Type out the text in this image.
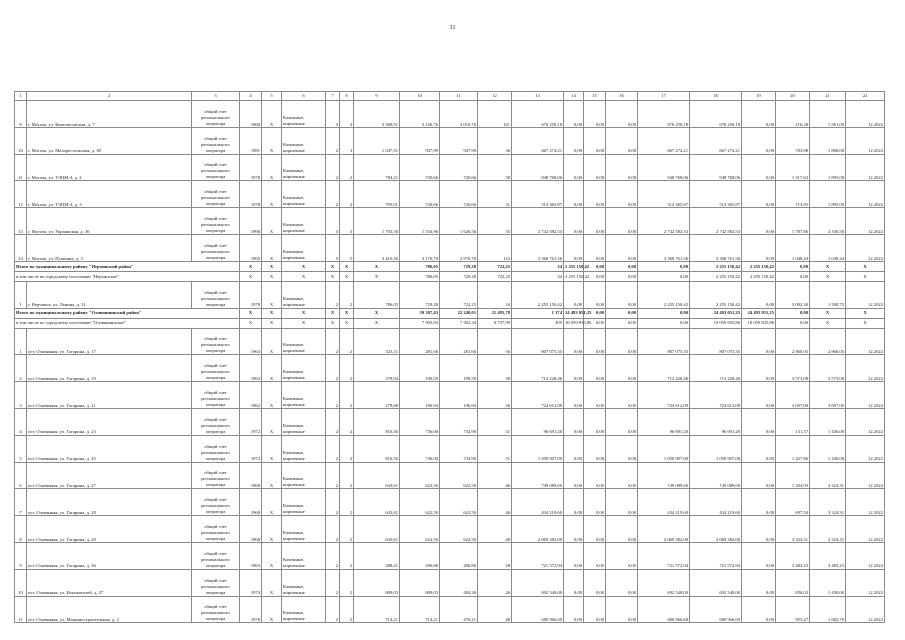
31
1	2	3	4	5	6	7	8	9	10	11	12	13	14	15	16	17	18	19	20	21	22
9	г. Могоча, ул. Комсомольская, д. 7	общий счет регионального оператора	1968	Х	Каменные, кирпичные	3	4	3 308,91	3 126,76	3 016,76	141	676 250,18	0,00	0,00	0,00	676 250,18	676 250,18	0,00	216,28	1 561,00	12.2022
10	г. Могоча, ул. Малорестальская, д. 38	общий счет регионального оператора	1981	Х	Каменные, кирпичные	2	3	1 047,91	947,99	947,99	36	667 274,21	0,00	0,00	0,00	667 274,21	667 274,21	0,00	703,88	1 868,00	12.2022
11	г. Могоча, ул. ТЭЦМ-4, д. 2	общий счет регионального оператора	1978	Х	Каменные, кирпичные	2	2	784,21	720,66	720,66	38	948 768,06	0,00	0,00	0,00	948 768,06	948 768,06	0,00	1 317,63	1 895,00	12.2022
12	г. Могоча, ул. ТЭЦМ-4, д. 3	общий счет регионального оператора	1978	Х	Каменные, кирпичные	2	2	795,01	720,66	720,66	31	514 365,87	0,00	0,00	0,00	514 365,87	514 365,87	0,00	713,95	1 895,00	12.2022
13	г. Могоча, ул. Украинская, д. 36	общий счет регионального оператора	1990	Х	Каменные, кирпичные	3	3	1 703,50	1 534,96	1 626,56	35	2 742 582,53	0,00	0,00	0,00	2 742 582,53	2 742 582,53	0,00	1 787,86	3 330,50	12.2022
14	г. Могоча, ул. Пушкина, д. 3	общий счет регионального оператора	1965	Х	Каменные, кирпичные	5	5	3 410,56	3 176,70	2 976,70	123	3 368 761,56	0,00	0,00	0,00	3 368 761,56	3 368 761,56	0,00	1 048,44	1 049,44	12.2022
Итого по муниципальному району "Нерчинский район"			Х	Х	Х	Х	Х	Х	786,05	729,28	722,25	34	2 255 150,42	0,00	0,00	0,00	2 255 150,42	2 255 150,42	0,00	Х	Х
в том числе по городскому поселению "Нерчинское"			Х	Х	Х	Х	Х	Х	786,05	729,28	722,25	34	2 255 150,42	0,00	0,00	0,00	2 255 150,42	2 255 150,42	0,00	Х	Х
1	г. Нерчинск, ул. Ленина, д. 51	общий счет регионального оператора	1978	Х	Каменные, кирпичные	2	2	786,05	729,28	722,25	34	2 255 150,42	0,00	0,00	0,00	2 255 150,42	2 255 150,42	0,00	3 092,30	1 508,75	12.2022
Итого по муниципальному району "Оловяннинский район"			Х	Х	Х	Х	Х	Х	29 207,43	22 240,01	21 495,78	1 174	24 493 051,25	0,00	0,00	0,00	24 493 051,25	24 493 051,25	0,00	Х	Х
в том числе по городскому поселению "Оловяннинское"			Х	Х	Х	Х	Х	Х	7 903,83	7 302,34	6 737,99	495	10 059 835,86	0,00	0,00	0,00	10 059 835,86	10 059 835,86	0,00	Х	Х
1	пгт. Оловянная, ул. Гагарина, д. 17	общий счет регионального оператора	1963	Х	Каменные, кирпичные	2	2	323,11	281,66	281,66	56	807 075,35	0,00	0,00	0,00	807 075,35	807 075,35	0,00	2 866,05	2 866,05	12.2022
2	пгт. Оловянная, ул. Гагарина, д. 19	общий счет регионального оператора	1963	Х	Каменные, кирпичные	2	2	278,94	199,59	199,59	38	713 228,46	0,00	0,00	0,00	713 228,46	713 228,46	0,00	3 573,08	3 573,08	12.2022
3	пгт. Оловянная, ул. Гагарина, д. 21	общий счет регионального оператора	1962	Х	Каменные, кирпичные	2	2	278,68	196,94	196,94	26	724 612,09	0,00	0,00	0,00	724 612,09	724 612,09	0,00	3 697,00	3 697,00	12.2022
4	пгт. Оловянная, ул. Гагарина, д. 23	общий счет регионального оператора	1972	Х	Каменные, кирпичные	2	2	816,56	736,00	734,90	31	96 691,20	0,00	0,00	0,00	96 691,20	96 691,20	0,00	131,37	1 436,00	12.2022
5	пгт. Оловянная, ул. Гагарина, д. 25	общий счет регионального оператора	1972	Х	Каменные, кирпичные	2	2	816,56	736,00	734,90	31	1 050 907,00	0,00	0,00	0,00	1 050 907,00	1 050 907,00	0,00	1 427,86	1 436,00	12.2022
6	пгт. Оловянная, ул. Гагарина, д. 27	общий счет регионального оператора	1968	Х	Каменные, кирпичные	2	2	643,61	622,50	622,50	46	749 089,60	0,00	0,00	0,00	749 089,60	749 089,60	0,00	1 204,93	3 324,31	12.2022
7	пгт. Оловянная, ул. Гагарина, д. 28	общий счет регионального оператора	1968	Х	Каменные, кирпичные	2	2	643,61	622,50	622,50	46	434 219,60	0,00	0,00	0,00	434 219,60	434 219,60	0,00	697,54	3 324,31	12.2022
8	пгт. Оловянная, ул. Гагарина, д. 29	общий счет регионального оператора	1968	Х	Каменные, кирпичные	2	2	643,61	622,50	622,50	48	2 069 382,00	0,00	0,00	0,00	2 069 382,00	2 069 382,00	0,00	3 324,31	3 324,31	12.2022
9	пгт. Оловянная, ул. Гагарина, д. 36	общий счет регионального оператора	1963	Х	Каменные, кирпичные	2	2	288,41	206,86	206,86	28	721 572,94	0,00	0,00	0,00	721 572,94	721 572,94	0,00	3 483,23	3 483,23	12.2022
10	пгт. Оловянная, ул. Изыскателей, д. 27	общий счет регионального оператора	1974	Х	Каменные, кирпичные	2	2	809,03	809,03	484,30	26	692 540,00	0,00	0,00	0,00	692 540,00	692 540,00	0,00	856,02	1 430,00	12.2022
11	пгт. Оловянная, ул. Машиностроительная, д. 2	общий счет регионального оператора	1976	Х	Каменные, кирпичные	2	2	714,21	714,21	476,21	48	680 966,60	0,00	0,00	0,00	680 966,60	680 966,60	0,00	953,47	1 682,70	12.2022
